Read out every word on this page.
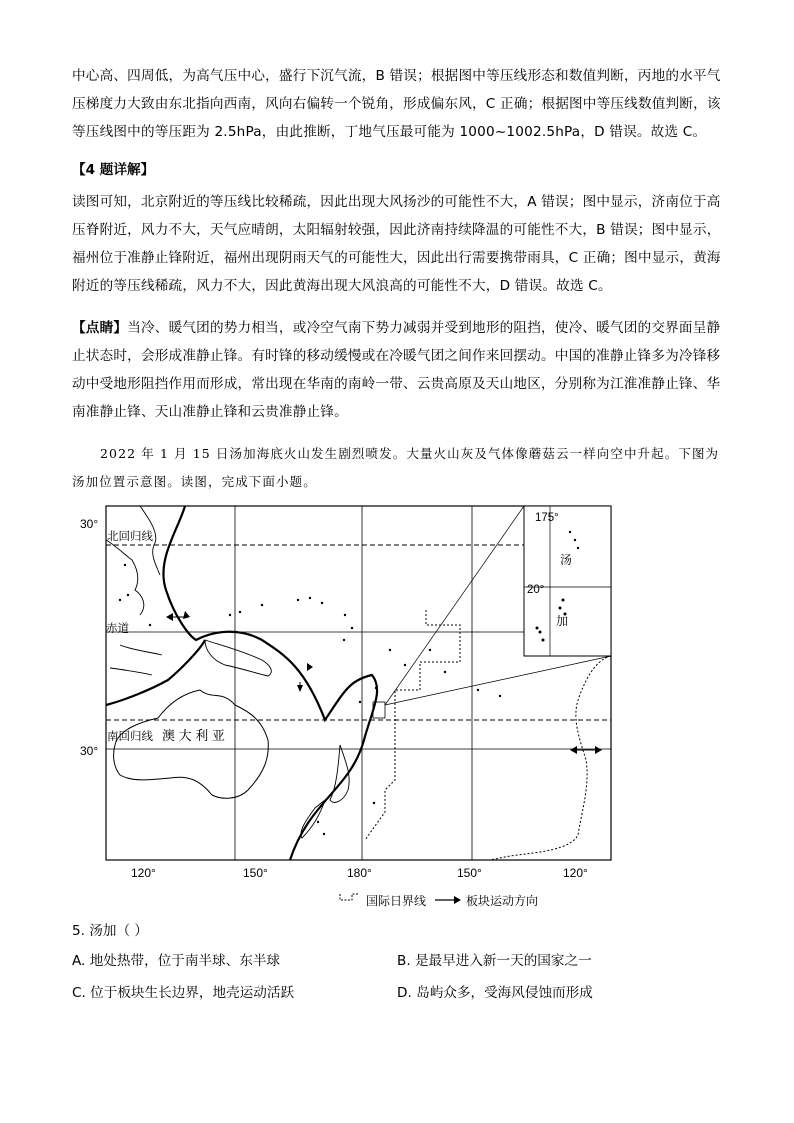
中心高、四周低，为高气压中心，盛行下沉气流，B 错误；根据图中等压线形态和数值判断，丙地的水平气压梯度力大致由东北指向西南，风向右偏转一个锐角，形成偏东风，C 正确；根据图中等压线数值判断，该等压线图中的等压距为 2.5hPa，由此推断，丁地气压最可能为 1000~1002.5hPa，D 错误。故选 C。
【4 题详解】
读图可知，北京附近的等压线比较稀疏，因此出现大风扬沙的可能性不大，A 错误；图中显示，济南位于高压脊附近，风力不大，天气应晴朗，太阳辐射较强，因此济南持续降温的可能性不大，B 错误；图中显示，福州位于准静止锋附近，福州出现阴雨天气的可能性大，因此出行需要携带雨具，C 正确；图中显示，黄海附近的等压线稀疏，风力不大，因此黄海出现大风浪高的可能性不大，D 错误。故选 C。
【点睛】当冷、暖气团的势力相当，或冷空气南下势力减弱并受到地形的阻挡，使冷、暖气团的交界面呈静止状态时，会形成准静止锋。有时锋的移动缓慢或在冷暖气团之间作来回摆动。中国的准静止锋多为冷锋移动中受地形阻挡作用而形成，常出现在华南的南岭一带、云贵高原及天山地区，分别称为江淮准静止锋、华南准静止锋、天山准静止锋和云贵准静止锋。
2022 年 1 月 15 日汤加海底火山发生剧烈喷发。大量火山灰及气体像蘑菇云一样向空中升起。下图为汤加位置示意图。读图，完成下面小题。
30°
30°
120°	150°	180°	150°	120°
北回归线
赤道
南回归线 澳 大 利 亚
175°
20°
汤
加
国际日界线	板块运动方向
5. 汤加（ ）
A. 地处热带，位于南半球、东半球	B. 是最早进入新一天的国家之一
C. 位于板块生长边界，地壳运动活跃	D. 岛屿众多，受海风侵蚀而形成
